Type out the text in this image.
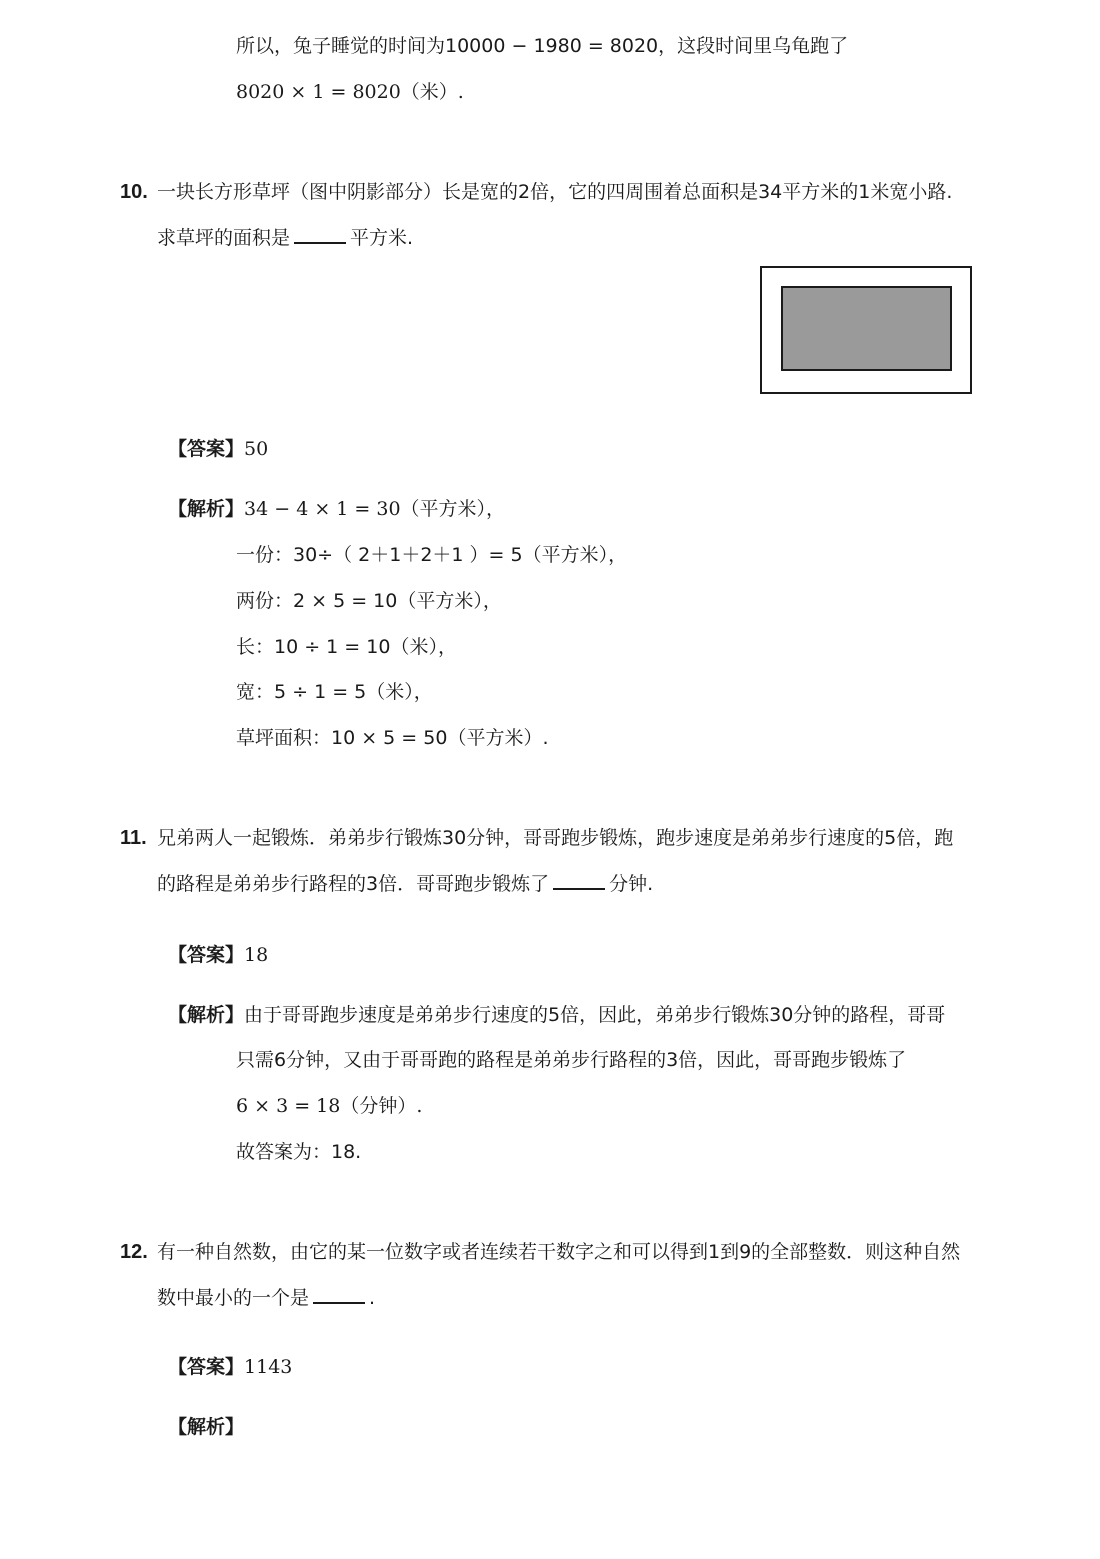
所以，兔子睡觉的时间为10000 − 1980 = 8020，这段时间里乌龟跑了
8020 × 1 = 8020（米）.
10. 一块长方形草坪（图中阴影部分）长是宽的2倍，它的四周围着总面积是34平方米的1米宽小路.
求草坪的面积是	平方米.
【答案】50
【解析】34 − 4 × 1 = 30（平方米），
一份：30÷（ 2＋1＋2＋1 ）= 5（平方米），
两份：2 × 5 = 10（平方米），
长：10 ÷ 1 = 10（米），
宽：5 ÷ 1 = 5（米），
草坪面积：10 × 5 = 50（平方米）.
11. 兄弟两人一起锻炼．弟弟步行锻炼30分钟，哥哥跑步锻炼，跑步速度是弟弟步行速度的5倍，跑
的路程是弟弟步行路程的3倍．哥哥跑步锻炼了	分钟.
【答案】18
【解析】由于哥哥跑步速度是弟弟步行速度的5倍，因此，弟弟步行锻炼30分钟的路程，哥哥
只需6分钟，又由于哥哥跑的路程是弟弟步行路程的3倍，因此，哥哥跑步锻炼了
6 × 3 = 18（分钟）.
故答案为：18.
12. 有一种自然数，由它的某一位数字或者连续若干数字之和可以得到1到9的全部整数．则这种自然
数中最小的一个是	.
【答案】1143
【解析】
